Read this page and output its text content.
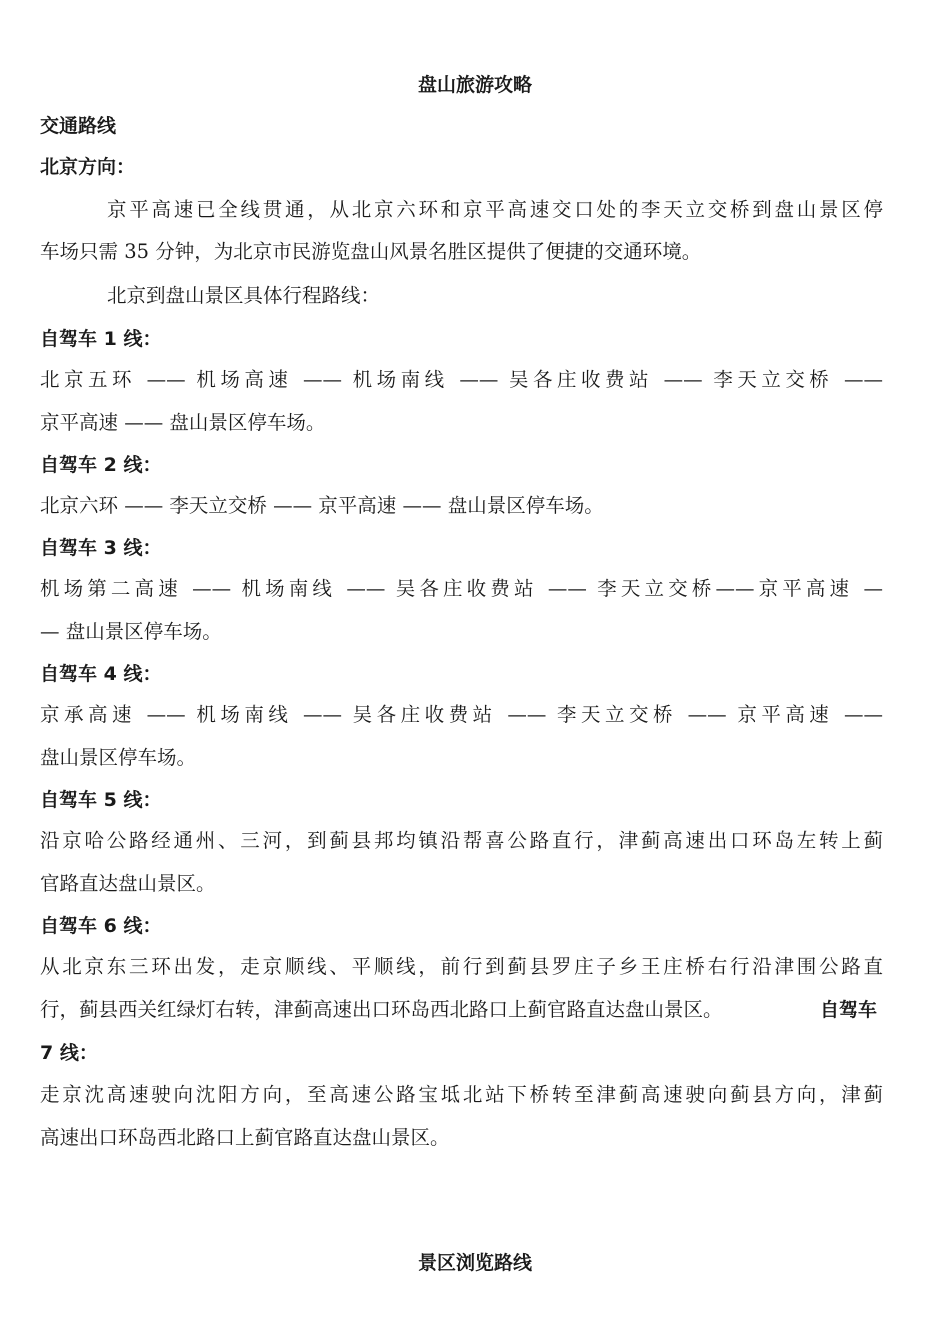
盘山旅游攻略
交通路线
北京方向：
京平高速已全线贯通，从北京六环和京平高速交口处的李天立交桥到盘山景区停
车场只需 35 分钟，为北京市民游览盘山风景名胜区提供了便捷的交通环境。
北京到盘山景区具体行程路线：
自驾车 1 线：
北京五环 —— 机场高速 —— 机场南线 —— 吴各庄收费站 —— 李天立交桥 ——
京平高速 —— 盘山景区停车场。
自驾车 2 线：
北京六环 —— 李天立交桥 —— 京平高速 —— 盘山景区停车场。
自驾车 3 线：
机场第二高速 —— 机场南线 —— 吴各庄收费站 —— 李天立交桥——京平高速 —
— 盘山景区停车场。
自驾车 4 线：
京承高速 —— 机场南线 —— 吴各庄收费站 —— 李天立交桥 —— 京平高速 ——
盘山景区停车场。
自驾车 5 线：
沿京哈公路经通州、三河，到蓟县邦均镇沿帮喜公路直行，津蓟高速出口环岛左转上蓟
官路直达盘山景区。
自驾车 6 线：
从北京东三环出发，走京顺线、平顺线，前行到蓟县罗庄子乡王庄桥右行沿津围公路直
行，蓟县西关红绿灯右转，津蓟高速出口环岛西北路口上蓟官路直达盘山景区。	自驾车
7 线：
走京沈高速驶向沈阳方向，至高速公路宝坻北站下桥转至津蓟高速驶向蓟县方向，津蓟
高速出口环岛西北路口上蓟官路直达盘山景区。
景区浏览路线
